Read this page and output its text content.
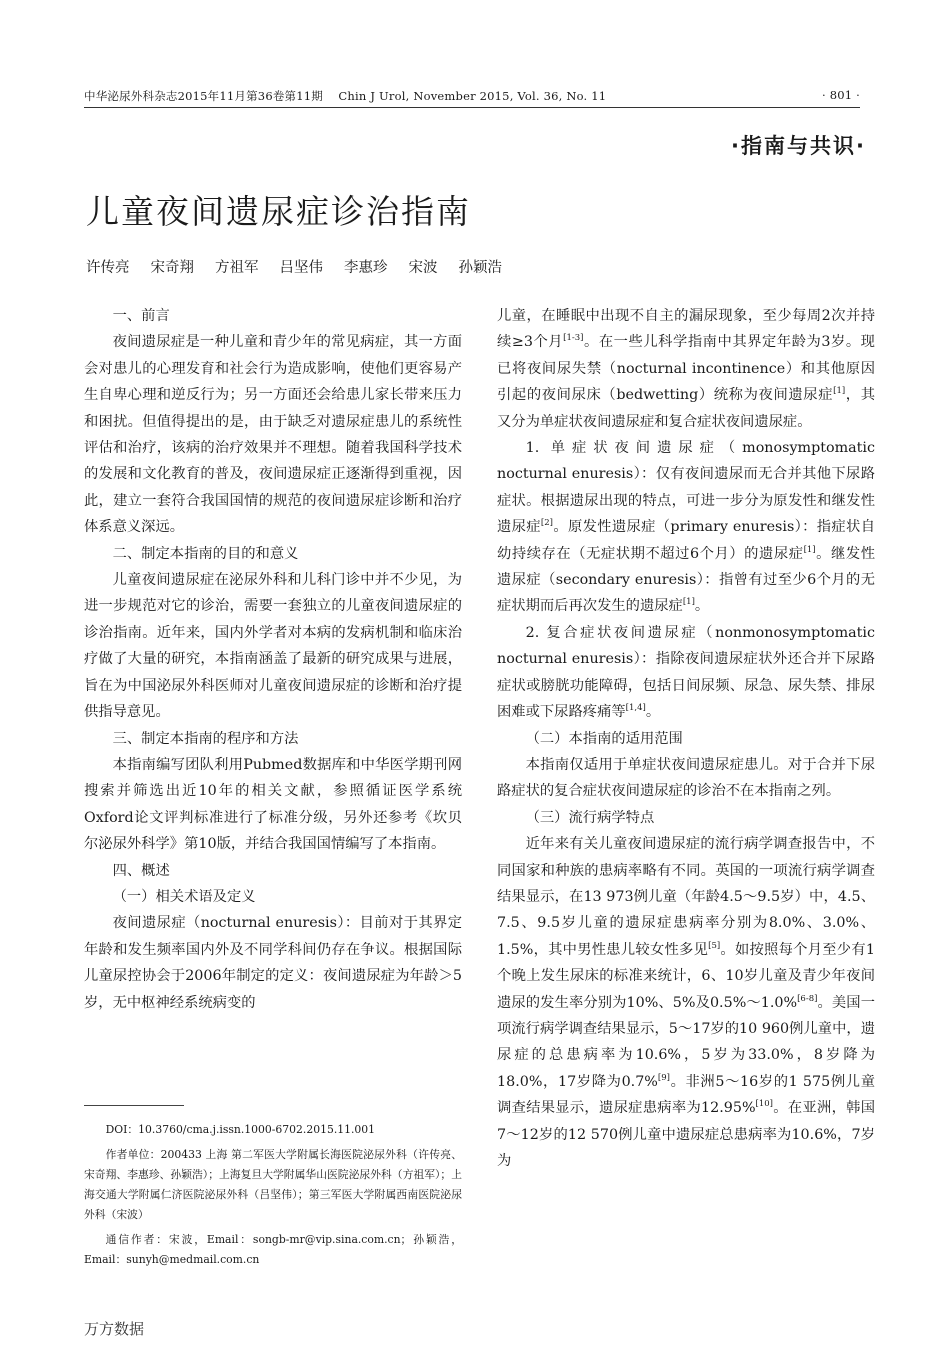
中华泌尿外科杂志2015年11月第36卷第11期 Chin J Urol, November 2015, Vol. 36, No. 11	· 801 ·
·指南与共识·
儿童夜间遗尿症诊治指南
许传亮 宋奇翔 方祖军 吕坚伟 李惠珍 宋波 孙颖浩

一、前言

夜间遗尿症是一种儿童和青少年的常见病症，其一方面会对患儿的心理发育和社会行为造成影响，使他们更容易产生自卑心理和逆反行为；另一方面还会给患儿家长带来压力和困扰。但值得提出的是，由于缺乏对遗尿症患儿的系统性评估和治疗，该病的治疗效果并不理想。随着我国科学技术的发展和文化教育的普及，夜间遗尿症正逐渐得到重视，因此，建立一套符合我国国情的规范的夜间遗尿症诊断和治疗体系意义深远。

二、制定本指南的目的和意义

儿童夜间遗尿症在泌尿外科和儿科门诊中并不少见，为进一步规范对它的诊治，需要一套独立的儿童夜间遗尿症的诊治指南。近年来，国内外学者对本病的发病机制和临床治疗做了大量的研究，本指南涵盖了最新的研究成果与进展，旨在为中国泌尿外科医师对儿童夜间遗尿症的诊断和治疗提供指导意见。

三、制定本指南的程序和方法

本指南编写团队利用Pubmed数据库和中华医学期刊网搜索并筛选出近10年的相关文献，参照循证医学系统Oxford论文评判标准进行了标准分级，另外还参考《坎贝尔泌尿外科学》第10版，并结合我国国情编写了本指南。

四、概述

（一）相关术语及定义

夜间遗尿症（nocturnal enuresis）：目前对于其界定年龄和发生频率国内外及不同学科间仍存在争议。根据国际儿童尿控协会于2006年制定的定义：夜间遗尿症为年龄＞5岁，无中枢神经系统病变的

DOI：10.3760/cma.j.issn.1000-6702.2015.11.001

作者单位：200433 上海 第二军医大学附属长海医院泌尿外科（许传亮、宋奇翔、李惠珍、孙颖浩）；上海复旦大学附属华山医院泌尿外科（方祖军）；上海交通大学附属仁济医院泌尿外科（吕坚伟）；第三军医大学附属西南医院泌尿外科（宋波）

通信作者：宋波，Email：songb-mr@vip.sina.com.cn；孙颖浩，Email：sunyh@medmail.com.cn

儿童，在睡眠中出现不自主的漏尿现象，至少每周2次并持续≥3个月[1-3]。在一些儿科学指南中其界定年龄为3岁。现已将夜间尿失禁（nocturnal incontinence）和其他原因引起的夜间尿床（bedwetting）统称为夜间遗尿症[1]，其又分为单症状夜间遗尿症和复合症状夜间遗尿症。

1. 单症状夜间遗尿症（monosymptomatic nocturnal enuresis）：仅有夜间遗尿而无合并其他下尿路症状。根据遗尿出现的特点，可进一步分为原发性和继发性遗尿症[2]。原发性遗尿症（primary enuresis）：指症状自幼持续存在（无症状期不超过6个月）的遗尿症[1]。继发性遗尿症（secondary enuresis）：指曾有过至少6个月的无症状期而后再次发生的遗尿症[1]。

2. 复合症状夜间遗尿症（nonmonosymptomatic nocturnal enuresis）：指除夜间遗尿症状外还合并下尿路症状或膀胱功能障碍，包括日间尿频、尿急、尿失禁、排尿困难或下尿路疼痛等[1,4]。

（二）本指南的适用范围

本指南仅适用于单症状夜间遗尿症患儿。对于合并下尿路症状的复合症状夜间遗尿症的诊治不在本指南之列。

（三）流行病学特点

近年来有关儿童夜间遗尿症的流行病学调查报告中，不同国家和种族的患病率略有不同。英国的一项流行病学调查结果显示，在13 973例儿童（年龄4.5～9.5岁）中，4.5、7.5、9.5岁儿童的遗尿症患病率分别为8.0%、3.0%、1.5%，其中男性患儿较女性多见[5]。如按照每个月至少有1个晚上发生尿床的标准来统计，6、10岁儿童及青少年夜间遗尿的发生率分别为10%、5%及0.5%～1.0%[6-8]。美国一项流行病学调查结果显示，5～17岁的10 960例儿童中，遗尿症的总患病率为10.6%，5岁为33.0%，8岁降为18.0%，17岁降为0.7%[9]。非洲5～16岁的1 575例儿童调查结果显示，遗尿症患病率为12.95%[10]。在亚洲，韩国7～12岁的12 570例儿童中遗尿症总患病率为10.6%，7岁为

万方数据
